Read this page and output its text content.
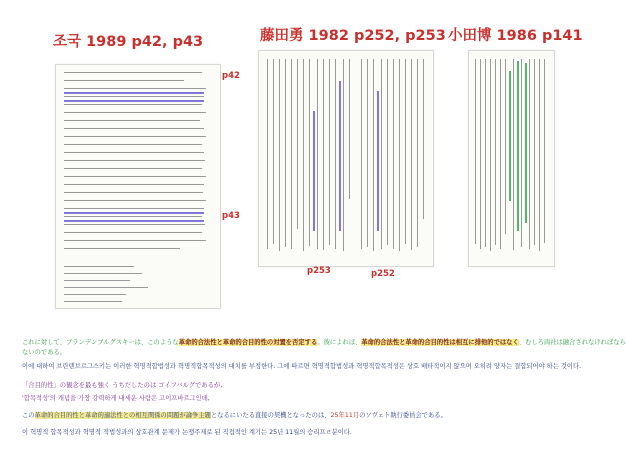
조국 1989 p42, p43	藤田勇 1982 p252, p253 小田博 1986 p141
p42
p43
p253	p252
これに対して、ブランデンブルグスキーは、このような革命的合法性と革命的合目的性の対置を否定する。彼によれば、革命的合法性と革命的合目的性は相互に排他的ではなく、むしろ両社は融合されなければなら
ないのである。
이에 대하여 브란덴브르그스키는 이러한 혁명적합법성과 혁명적합목적성의 대치를 부정한다. 그에 따르면 혁명적합법성과 혁명적합목적성은 상호 배타적이지 않으며 오히려 양자는 결합되어야 하는 것이다.
「合目的性」の観念を最も強く うちだしたのは ゴイフバルグであるが,
'합목적성'의 개념을 가장 강력하게 내세운 사람은 고이프바르그인데,
この革命的合目的性と革命的適法性との相互関係の問題が論争主題となるにいたる直接の契機となったのは、25年11月のソヴェト執行委員会である。
이 혁명적 합목적성과 혁명적 적법성과의 상호관계 문제가 논쟁주제로 된 직접적인 계기는 25년 11월의 승리프ㄹ분이다.
